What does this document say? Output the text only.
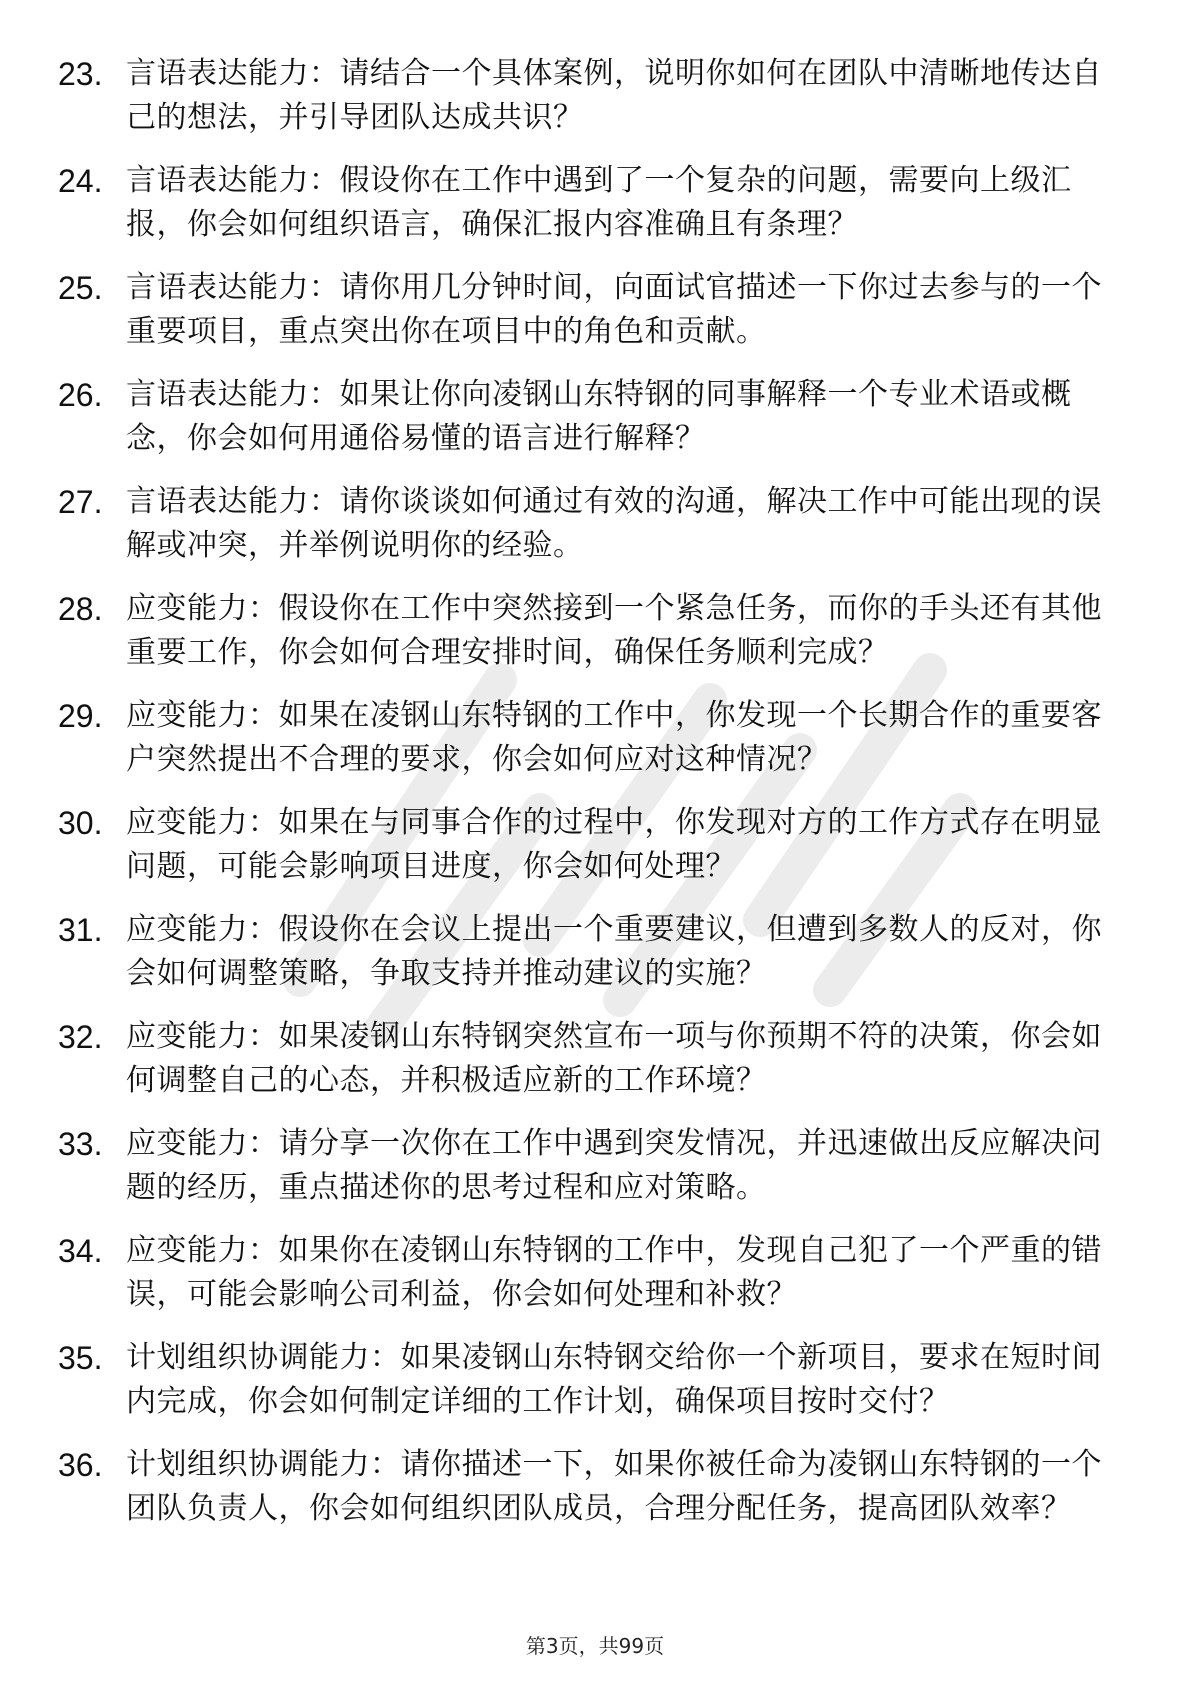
23. 言语表达能力：请结合一个具体案例，说明你如何在团队中清晰地传达自己的想法，并引导团队达成共识？
24. 言语表达能力：假设你在工作中遇到了一个复杂的问题，需要向上级汇报，你会如何组织语言，确保汇报内容准确且有条理？
25. 言语表达能力：请你用几分钟时间，向面试官描述一下你过去参与的一个重要项目，重点突出你在项目中的角色和贡献。
26. 言语表达能力：如果让你向凌钢山东特钢的同事解释一个专业术语或概念，你会如何用通俗易懂的语言进行解释？
27. 言语表达能力：请你谈谈如何通过有效的沟通，解决工作中可能出现的误解或冲突，并举例说明你的经验。
28. 应变能力：假设你在工作中突然接到一个紧急任务，而你的手头还有其他重要工作，你会如何合理安排时间，确保任务顺利完成？
29. 应变能力：如果在凌钢山东特钢的工作中，你发现一个长期合作的重要客户突然提出不合理的要求，你会如何应对这种情况？
30. 应变能力：如果在与同事合作的过程中，你发现对方的工作方式存在明显问题，可能会影响项目进度，你会如何处理？
31. 应变能力：假设你在会议上提出一个重要建议，但遭到多数人的反对，你会如何调整策略，争取支持并推动建议的实施？
32. 应变能力：如果凌钢山东特钢突然宣布一项与你预期不符的决策，你会如何调整自己的心态，并积极适应新的工作环境？
33. 应变能力：请分享一次你在工作中遇到突发情况，并迅速做出反应解决问题的经历，重点描述你的思考过程和应对策略。
34. 应变能力：如果你在凌钢山东特钢的工作中，发现自己犯了一个严重的错误，可能会影响公司利益，你会如何处理和补救？
35. 计划组织协调能力：如果凌钢山东特钢交给你一个新项目，要求在短时间内完成，你会如何制定详细的工作计划，确保项目按时交付？
36. 计划组织协调能力：请你描述一下，如果你被任命为凌钢山东特钢的一个团队负责人，你会如何组织团队成员，合理分配任务，提高团队效率？
第3页，共99页
